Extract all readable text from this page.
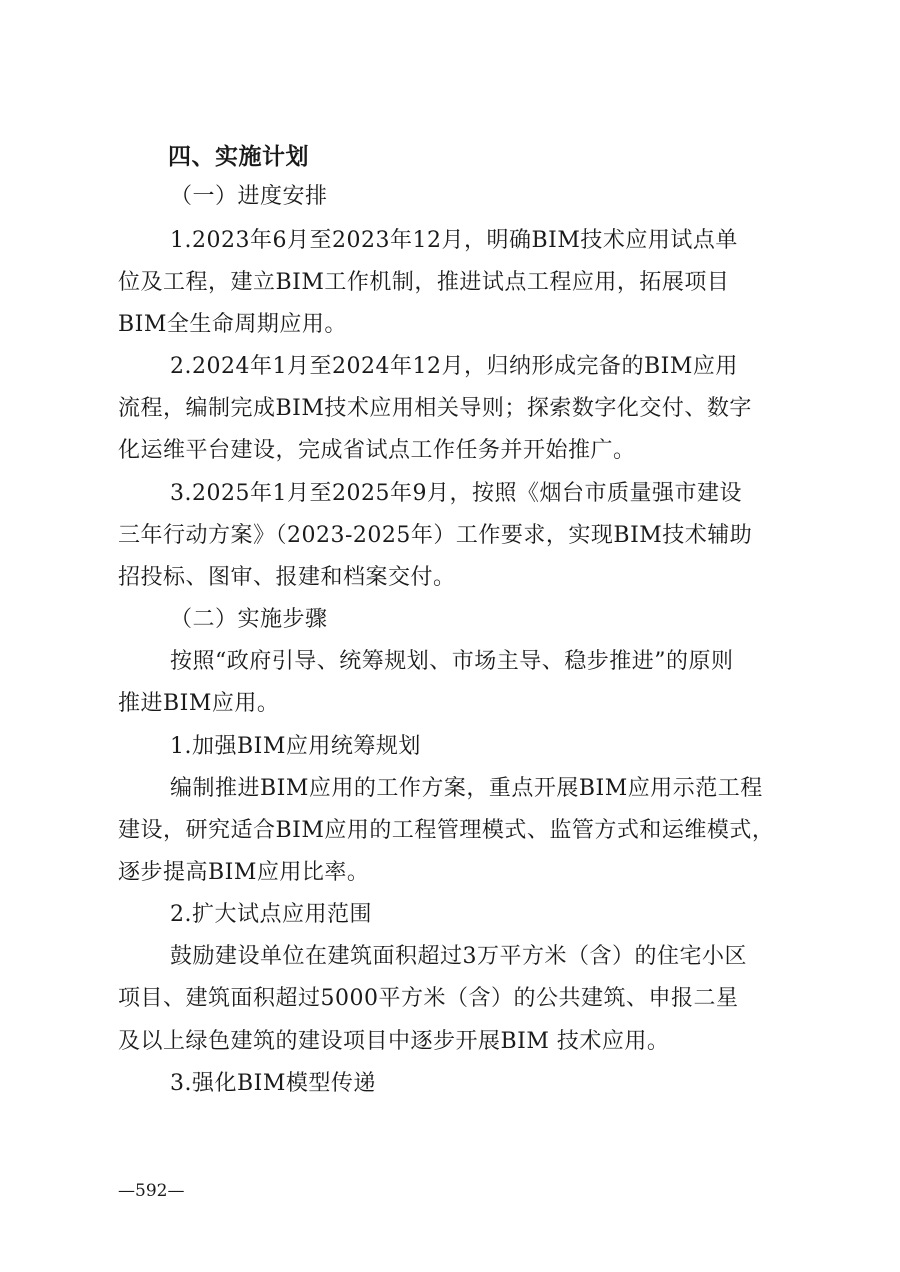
四、实施计划
（一）进度安排
1.2023年6月至2023年12月，明确BIM技术应用试点单
位及工程，建立BIM工作机制，推进试点工程应用，拓展项目
BIM全生命周期应用。
2.2024年1月至2024年12月，归纳形成完备的BIM应用
流程，编制完成BIM技术应用相关导则；探索数字化交付、数字
化运维平台建设，完成省试点工作任务并开始推广。
3.2025年1月至2025年9月，按照《烟台市质量强市建设
三年行动方案》（2023-2025年）工作要求，实现BIM技术辅助
招投标、图审、报建和档案交付。
（二）实施步骤
按照“政府引导、统筹规划、市场主导、稳步推进”的原则
推进BIM应用。
1.加强BIM应用统筹规划
编制推进BIM应用的工作方案，重点开展BIM应用示范工程
建设，研究适合BIM应用的工程管理模式、监管方式和运维模式，
逐步提高BIM应用比率。
2.扩大试点应用范围
鼓励建设单位在建筑面积超过3万平方米（含）的住宅小区
项目、建筑面积超过5000平方米（含）的公共建筑、申报二星
及以上绿色建筑的建设项目中逐步开展BIM 技术应用。
3.强化BIM模型传递
—592—
